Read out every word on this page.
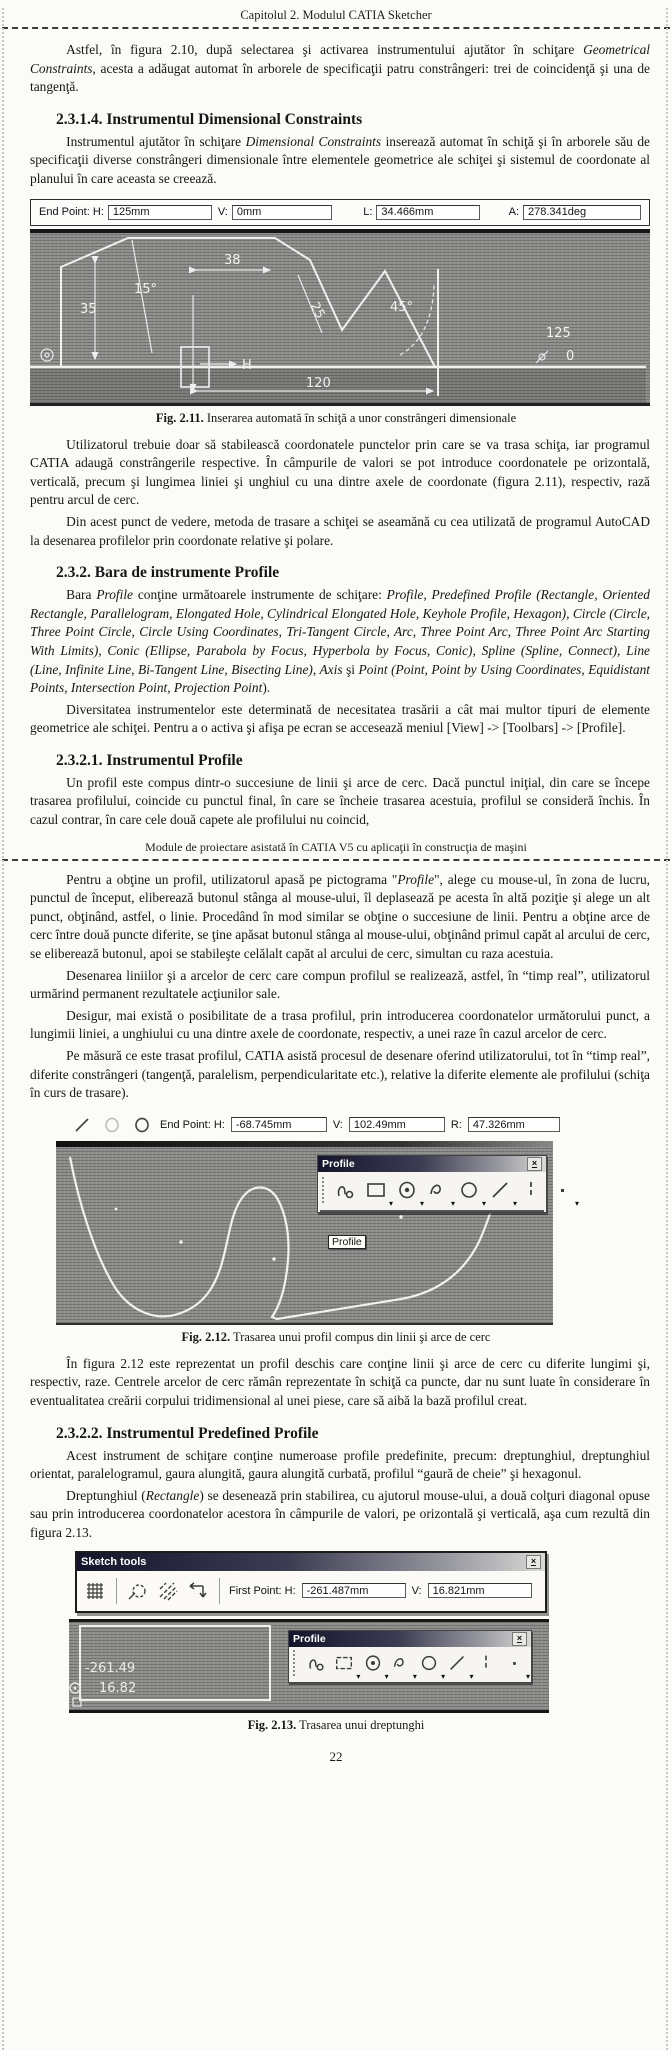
Capitolul 2. Modulul CATIA Sketcher

Astfel, în figura 2.10, după selectarea şi activarea instrumentului ajutător în schiţare Geometrical Constraints, acesta a adăugat automat în arborele de specificaţii patru constrângeri: trei de coincidenţă şi una de tangenţă.

2.3.1.4. Instrumentul Dimensional Constraints

Instrumentul ajutător în schiţare Dimensional Constraints inserează automat în schiţă şi în arborele său de specificaţii diverse constrângeri dimensionale între elementele geometrice ale schiţei şi sistemul de coordonate al planului în care aceasta se creează.

End Point: H: 125mm	V: 0mm	L: 34.466mm	A: 278.341deg
38
35
15°
25	45°
125
0
120
H
Fig. 2.11. Inserarea automată în schiţă a unor constrângeri dimensionale

Utilizatorul trebuie doar să stabilească coordonatele punctelor prin care se va trasa schiţa, iar programul CATIA adaugă constrângerile respective. În câmpurile de valori se pot introduce coordonatele pe orizontală, verticală, precum şi lungimea liniei şi unghiul cu una dintre axele de coordonate (figura 2.11), respectiv, rază pentru arcul de cerc.

Din acest punct de vedere, metoda de trasare a schiţei se aseamănă cu cea utilizată de programul AutoCAD la desenarea profilelor prin coordonate relative şi polare.

2.3.2. Bara de instrumente Profile

Bara Profile conţine următoarele instrumente de schiţare: Profile, Predefined Profile (Rectangle, Oriented Rectangle, Parallelogram, Elongated Hole, Cylindrical Elongated Hole, Keyhole Profile, Hexagon), Circle (Circle, Three Point Circle, Circle Using Coordinates, Tri-Tangent Circle, Arc, Three Point Arc, Three Point Arc Starting With Limits), Conic (Ellipse, Parabola by Focus, Hyperbola by Focus, Conic), Spline (Spline, Connect), Line (Line, Infinite Line, Bi-Tangent Line, Bisecting Line), Axis şi Point (Point, Point by Using Coordinates, Equidistant Points, Intersection Point, Projection Point).

Diversitatea instrumentelor este determinată de necesitatea trasării a cât mai multor tipuri de elemente geometrice ale schiţei. Pentru a o activa şi afişa pe ecran se accesează meniul [View] -> [Toolbars] -> [Profile].

2.3.2.1. Instrumentul Profile

Un profil este compus dintr-o succesiune de linii şi arce de cerc. Dacă punctul iniţial, din care se începe trasarea profilului, coincide cu punctul final, în care se încheie trasarea acestuia, profilul se consideră închis. În cazul contrar, în care cele două capete ale profilului nu coincid,

Module de proiectare asistată în CATIA V5 cu aplicaţii în construcţia de maşini

Pentru a obţine un profil, utilizatorul apasă pe pictograma "Profile", alege cu mouse-ul, în zona de lucru, punctul de început, eliberează butonul stânga al mouse-ului, îl deplasează pe acesta în altă poziţie şi alege un alt punct, obţinând, astfel, o linie. Procedând în mod similar se obţine o succesiune de linii. Pentru a obţine arce de cerc între două puncte diferite, se ţine apăsat butonul stânga al mouse-ului, obţinând primul capăt al arcului de cerc, se eliberează butonul, apoi se stabileşte celălalt capăt al arcului de cerc, simultan cu raza acestuia.

Desenarea liniilor şi a arcelor de cerc care compun profilul se realizează, astfel, în “timp real”, utilizatorul urmărind permanent rezultatele acţiunilor sale.

Desigur, mai există o posibilitate de a trasa profilul, prin introducerea coordonatelor următorului punct, a lungimii liniei, a unghiului cu una dintre axele de coordonate, respectiv, a unei raze în cazul arcelor de cerc.

Pe măsură ce este trasat profilul, CATIA asistă procesul de desenare oferind utilizatorului, tot în “timp real”, diferite constrângeri (tangenţă, paralelism, perpendicularitate etc.), relative la diferite elemente ale profilului (schiţa în curs de trasare).

End Point: H:	-68.745mm	V:	102.49mm	R:	47.326mm
Profile	×
▾	▾	▾	▾	▾	▾
Profile
Fig. 2.12. Trasarea unui profil compus din linii şi arce de cerc

În figura 2.12 este reprezentat un profil deschis care conţine linii şi arce de cerc cu diferite lungimi şi, respectiv, raze. Centrele arcelor de cerc rămân reprezentate în schiţă ca puncte, dar nu sunt luate în considerare în eventualitatea creării corpului tridimensional al unei piese, care să aibă la bază profilul creat.

2.3.2.2. Instrumentul Predefined Profile

Acest instrument de schiţare conţine numeroase profile predefinite, precum: dreptunghiul, dreptunghiul orientat, paralelogramul, gaura alungită, gaura alungită curbată, profilul “gaură de cheie” şi hexagonul.

Dreptunghiul (Rectangle) se desenează prin stabilirea, cu ajutorul mouse-ului, a două colţuri diagonal opuse sau prin introducerea coordonatelor acestora în câmpurile de valori, pe orizontală şi verticală, aşa cum rezultă din figura 2.13.

Sketch tools	×
First Point: H:	-261.487mm	V:	16.821mm
-261.49
16.82
Profile	×
▾	▾	▾	▾	▾	▾
Fig. 2.13. Trasarea unui dreptunghi
22
